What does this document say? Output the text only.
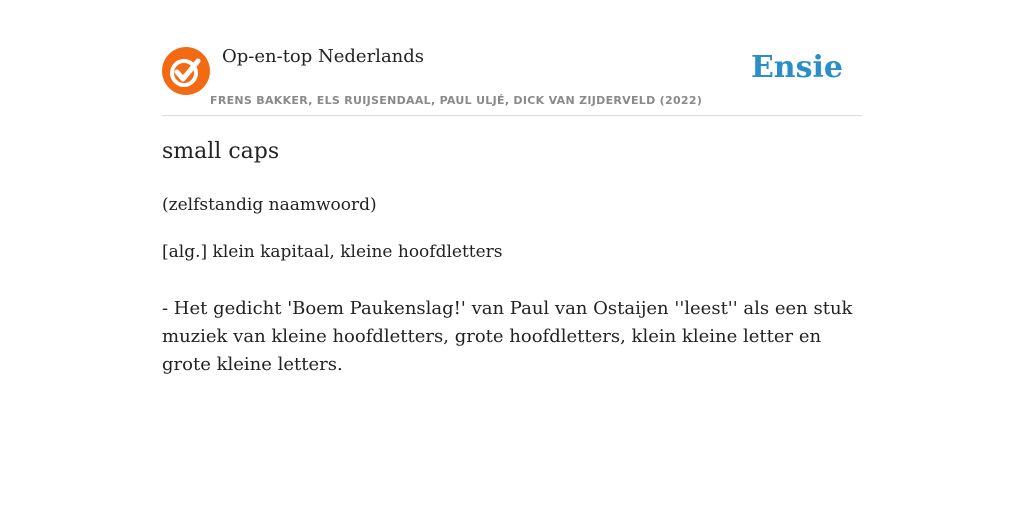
Op-en-top Nederlands
FRENS BAKKER, ELS RUIJSENDAAL, PAUL ULJÉ, DICK VAN ZIJDERVELD (2022)
Ensie
small caps
(zelfstandig naamwoord)
[alg.] klein kapitaal, kleine hoofdletters
- Het gedicht 'Boem Paukenslag!' van Paul van Ostaijen ''leest'' als een stuk muziek van kleine hoofdletters, grote hoofdletters, klein kleine letter en grote kleine letters.
